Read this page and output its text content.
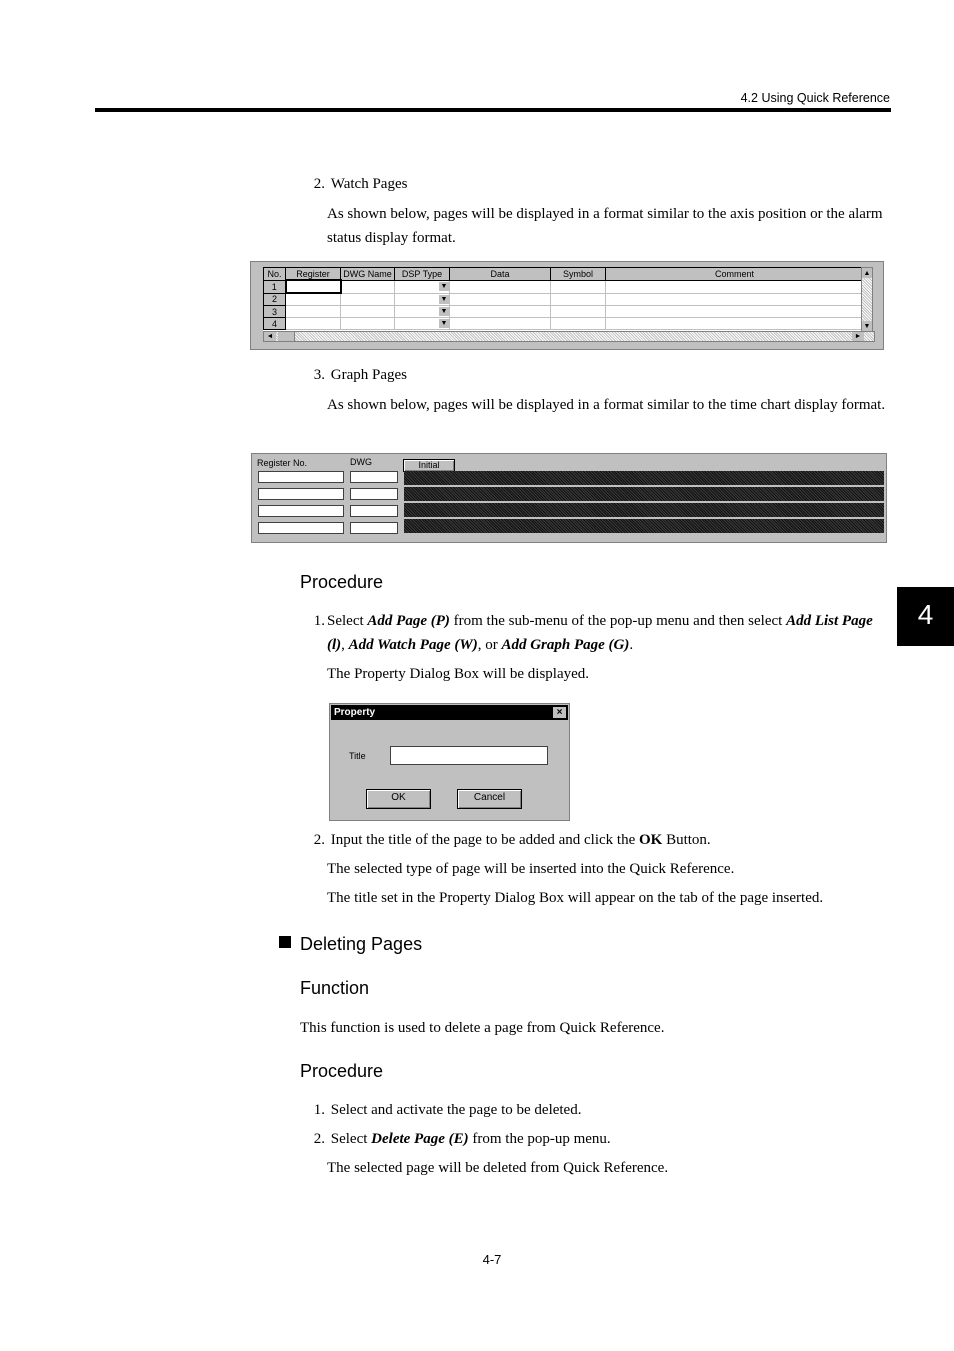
4.2 Using Quick Reference
4
2. Watch Pages
As shown below, pages will be displayed in a format similar to the axis position or the alarm status display format.
No.	Register	DWG Name	DSP Type	Data	Symbol	Comment
1			▼			

2			▼			

3			▼			

4			▼			

▲
▼
◄	►
3. Graph Pages
As shown below, pages will be displayed in a format similar to the time chart display format.
Register No.	DWG	Initial
Procedure
1. Select Add Page (P) from the sub-menu of the pop-up menu and then select Add List Page (l), Add Watch Page (W), or Add Graph Page (G).
The Property Dialog Box will be displayed.
Property	×
Title
OK	Cancel
2. Input the title of the page to be added and click the OK Button.
The selected type of page will be inserted into the Quick Reference.
The title set in the Property Dialog Box will appear on the tab of the page inserted.
Deleting Pages
Function
This function is used to delete a page from Quick Reference.
Procedure
1. Select and activate the page to be deleted.
2. Select Delete Page (E) from the pop-up menu.
The selected page will be deleted from Quick Reference.
4-7
